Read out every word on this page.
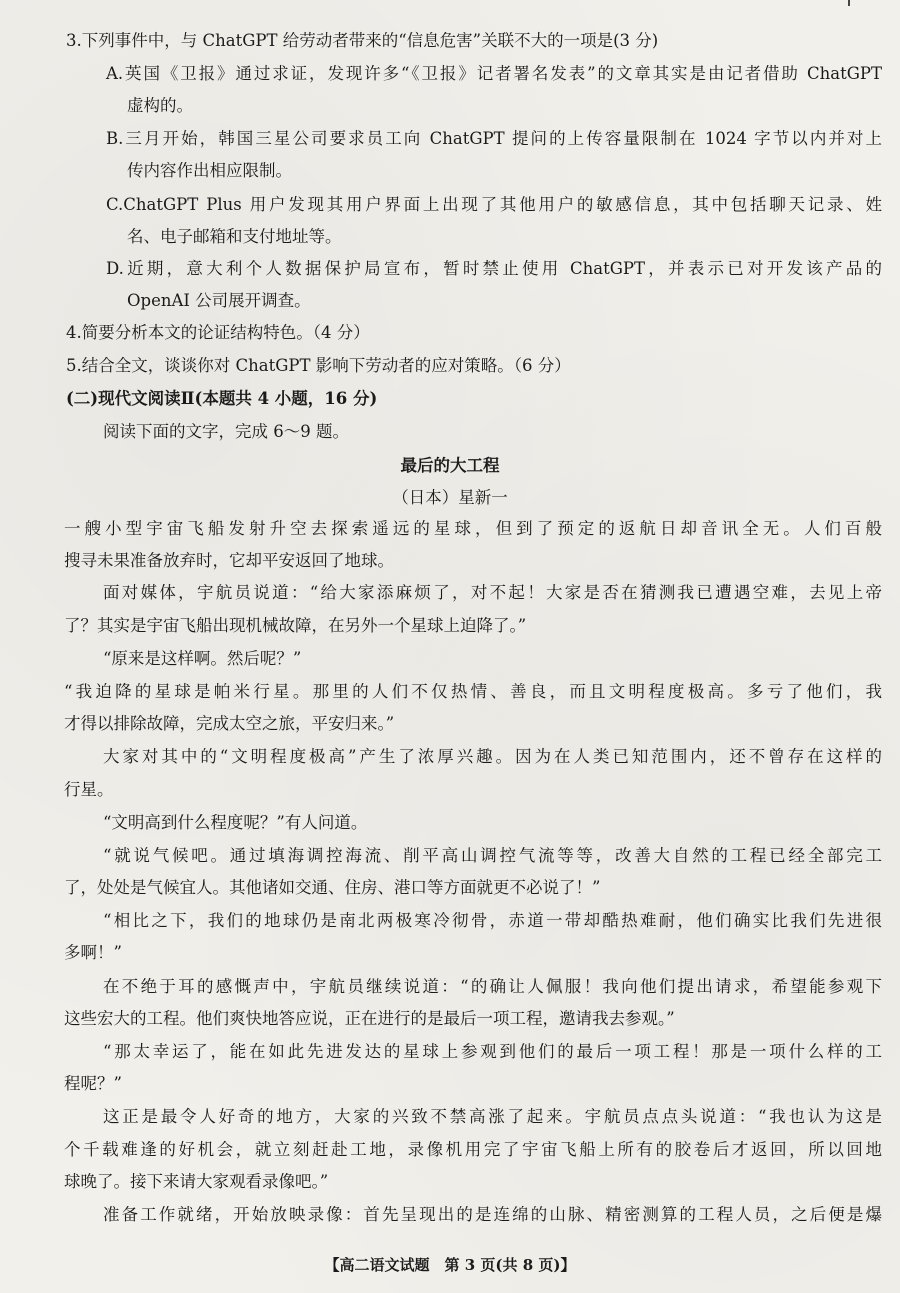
3.下列事件中，与 ChatGPT 给劳动者带来的“信息危害”关联不大的一项是(3 分)
A.英国《卫报》通过求证，发现许多“《卫报》记者署名发表”的文章其实是由记者借助 ChatGPT
虚构的。
B.三月开始，韩国三星公司要求员工向 ChatGPT 提问的上传容量限制在 1024 字节以内并对上
传内容作出相应限制。
C.ChatGPT Plus 用户发现其用户界面上出现了其他用户的敏感信息，其中包括聊天记录、姓
名、电子邮箱和支付地址等。
D.近期，意大利个人数据保护局宣布，暂时禁止使用 ChatGPT，并表示已对开发该产品的
OpenAI 公司展开调查。
4.简要分析本文的论证结构特色。（4 分）
5.结合全文，谈谈你对 ChatGPT 影响下劳动者的应对策略。（6 分）
(二)现代文阅读Ⅱ(本题共 4 小题，16 分)
阅读下面的文字，完成 6～9 题。
最后的大工程
（日本）星新一
一艘小型宇宙飞船发射升空去探索遥远的星球，但到了预定的返航日却音讯全无。人们百般
搜寻未果准备放弃时，它却平安返回了地球。
面对媒体，宇航员说道：“给大家添麻烦了，对不起！大家是否在猜测我已遭遇空难，去见上帝
了？其实是宇宙飞船出现机械故障，在另外一个星球上迫降了。”
“原来是这样啊。然后呢？”
“我迫降的星球是帕米行星。那里的人们不仅热情、善良，而且文明程度极高。多亏了他们，我
才得以排除故障，完成太空之旅，平安归来。”
大家对其中的“文明程度极高”产生了浓厚兴趣。因为在人类已知范围内，还不曾存在这样的
行星。
“文明高到什么程度呢？”有人问道。
“就说气候吧。通过填海调控海流、削平高山调控气流等等，改善大自然的工程已经全部完工
了，处处是气候宜人。其他诸如交通、住房、港口等方面就更不必说了！”
“相比之下，我们的地球仍是南北两极寒冷彻骨，赤道一带却酷热难耐，他们确实比我们先进很
多啊！”
在不绝于耳的感慨声中，宇航员继续说道：“的确让人佩服！我向他们提出请求，希望能参观下
这些宏大的工程。他们爽快地答应说，正在进行的是最后一项工程，邀请我去参观。”
“那太幸运了，能在如此先进发达的星球上参观到他们的最后一项工程！那是一项什么样的工
程呢？”
这正是最令人好奇的地方，大家的兴致不禁高涨了起来。宇航员点点头说道：“我也认为这是
个千载难逢的好机会，就立刻赶赴工地，录像机用完了宇宙飞船上所有的胶卷后才返回，所以回地
球晚了。接下来请大家观看录像吧。”
准备工作就绪，开始放映录像：首先呈现出的是连绵的山脉、精密测算的工程人员，之后便是爆
【高二语文试题　第 3 页(共 8 页)】
